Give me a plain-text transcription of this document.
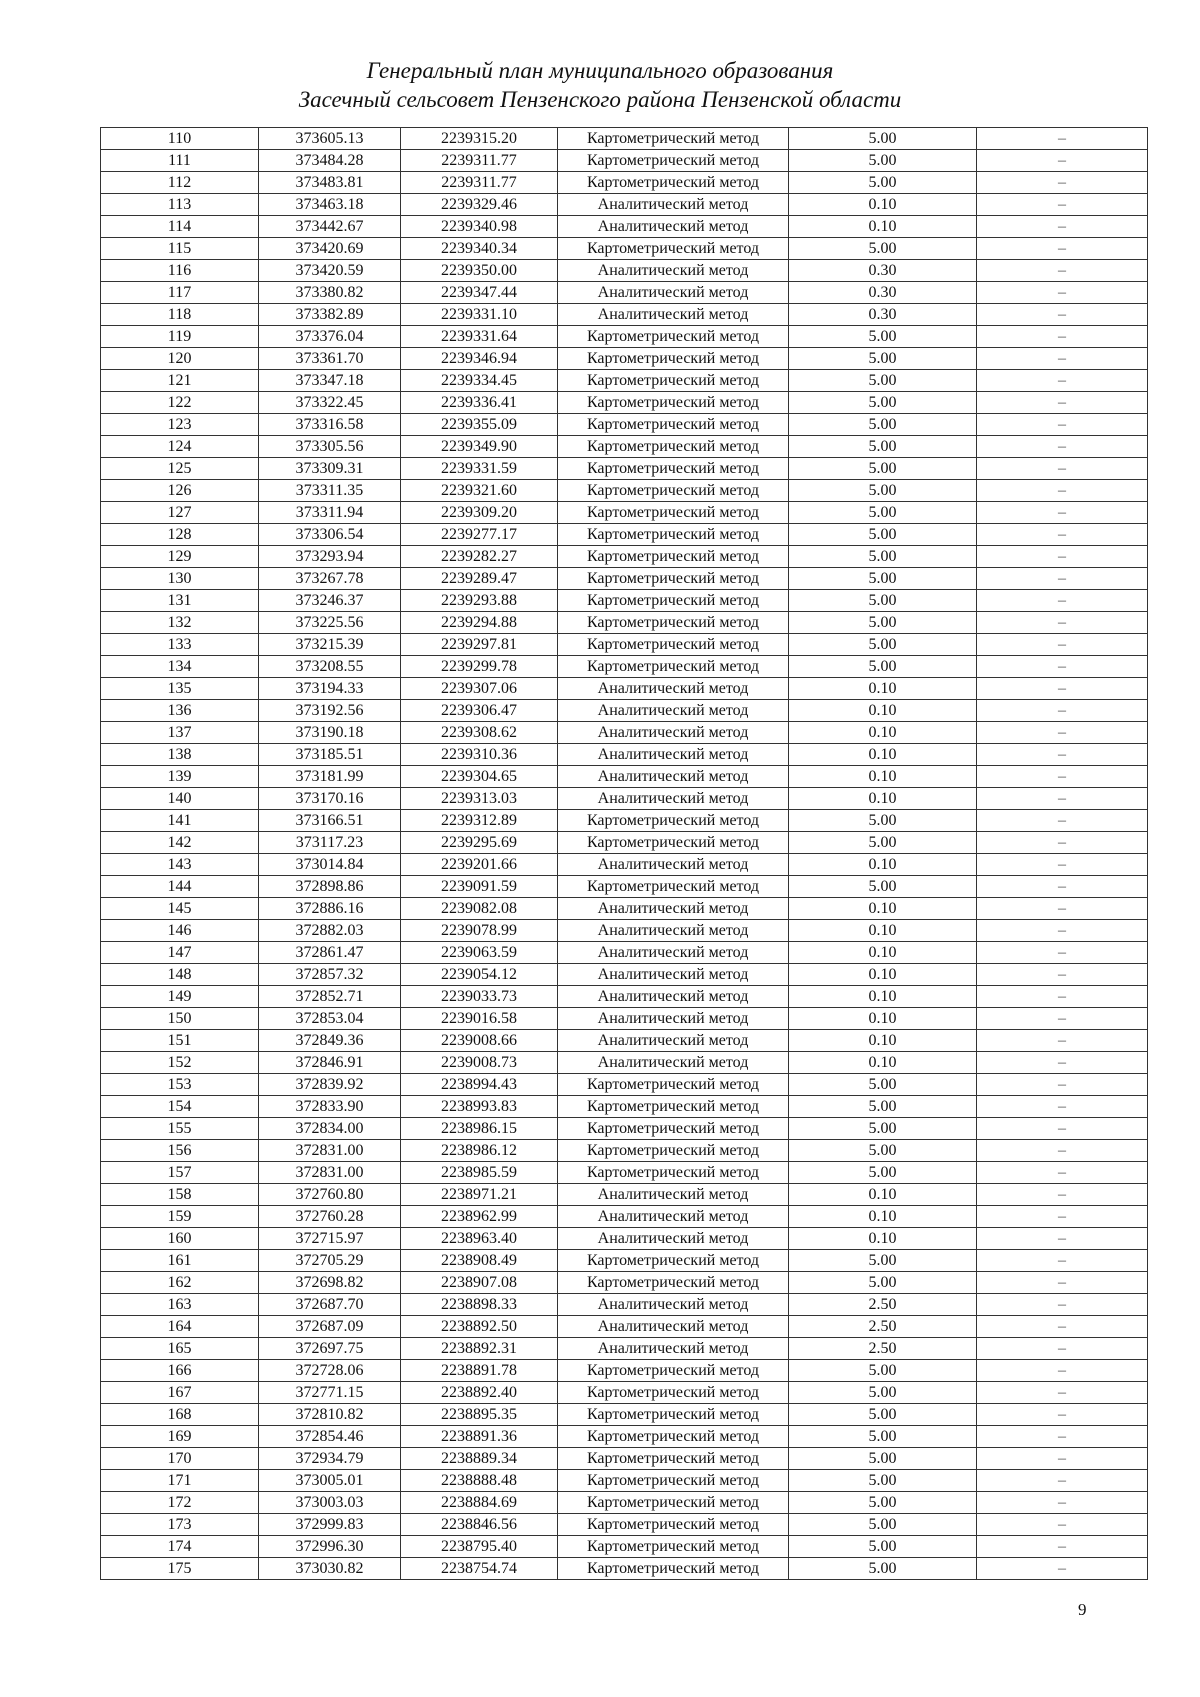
Генеральный план муниципального образования
Засечный сельсовет Пензенского района Пензенской области
110	373605.13	2239315.20	Картометрический метод	5.00	–
111	373484.28	2239311.77	Картометрический метод	5.00	–
112	373483.81	2239311.77	Картометрический метод	5.00	–
113	373463.18	2239329.46	Аналитический метод	0.10	–
114	373442.67	2239340.98	Аналитический метод	0.10	–
115	373420.69	2239340.34	Картометрический метод	5.00	–
116	373420.59	2239350.00	Аналитический метод	0.30	–
117	373380.82	2239347.44	Аналитический метод	0.30	–
118	373382.89	2239331.10	Аналитический метод	0.30	–
119	373376.04	2239331.64	Картометрический метод	5.00	–
120	373361.70	2239346.94	Картометрический метод	5.00	–
121	373347.18	2239334.45	Картометрический метод	5.00	–
122	373322.45	2239336.41	Картометрический метод	5.00	–
123	373316.58	2239355.09	Картометрический метод	5.00	–
124	373305.56	2239349.90	Картометрический метод	5.00	–
125	373309.31	2239331.59	Картометрический метод	5.00	–
126	373311.35	2239321.60	Картометрический метод	5.00	–
127	373311.94	2239309.20	Картометрический метод	5.00	–
128	373306.54	2239277.17	Картометрический метод	5.00	–
129	373293.94	2239282.27	Картометрический метод	5.00	–
130	373267.78	2239289.47	Картометрический метод	5.00	–
131	373246.37	2239293.88	Картометрический метод	5.00	–
132	373225.56	2239294.88	Картометрический метод	5.00	–
133	373215.39	2239297.81	Картометрический метод	5.00	–
134	373208.55	2239299.78	Картометрический метод	5.00	–
135	373194.33	2239307.06	Аналитический метод	0.10	–
136	373192.56	2239306.47	Аналитический метод	0.10	–
137	373190.18	2239308.62	Аналитический метод	0.10	–
138	373185.51	2239310.36	Аналитический метод	0.10	–
139	373181.99	2239304.65	Аналитический метод	0.10	–
140	373170.16	2239313.03	Аналитический метод	0.10	–
141	373166.51	2239312.89	Картометрический метод	5.00	–
142	373117.23	2239295.69	Картометрический метод	5.00	–
143	373014.84	2239201.66	Аналитический метод	0.10	–
144	372898.86	2239091.59	Картометрический метод	5.00	–
145	372886.16	2239082.08	Аналитический метод	0.10	–
146	372882.03	2239078.99	Аналитический метод	0.10	–
147	372861.47	2239063.59	Аналитический метод	0.10	–
148	372857.32	2239054.12	Аналитический метод	0.10	–
149	372852.71	2239033.73	Аналитический метод	0.10	–
150	372853.04	2239016.58	Аналитический метод	0.10	–
151	372849.36	2239008.66	Аналитический метод	0.10	–
152	372846.91	2239008.73	Аналитический метод	0.10	–
153	372839.92	2238994.43	Картометрический метод	5.00	–
154	372833.90	2238993.83	Картометрический метод	5.00	–
155	372834.00	2238986.15	Картометрический метод	5.00	–
156	372831.00	2238986.12	Картометрический метод	5.00	–
157	372831.00	2238985.59	Картометрический метод	5.00	–
158	372760.80	2238971.21	Аналитический метод	0.10	–
159	372760.28	2238962.99	Аналитический метод	0.10	–
160	372715.97	2238963.40	Аналитический метод	0.10	–
161	372705.29	2238908.49	Картометрический метод	5.00	–
162	372698.82	2238907.08	Картометрический метод	5.00	–
163	372687.70	2238898.33	Аналитический метод	2.50	–
164	372687.09	2238892.50	Аналитический метод	2.50	–
165	372697.75	2238892.31	Аналитический метод	2.50	–
166	372728.06	2238891.78	Картометрический метод	5.00	–
167	372771.15	2238892.40	Картометрический метод	5.00	–
168	372810.82	2238895.35	Картометрический метод	5.00	–
169	372854.46	2238891.36	Картометрический метод	5.00	–
170	372934.79	2238889.34	Картометрический метод	5.00	–
171	373005.01	2238888.48	Картометрический метод	5.00	–
172	373003.03	2238884.69	Картометрический метод	5.00	–
173	372999.83	2238846.56	Картометрический метод	5.00	–
174	372996.30	2238795.40	Картометрический метод	5.00	–
175	373030.82	2238754.74	Картометрический метод	5.00	–
9
